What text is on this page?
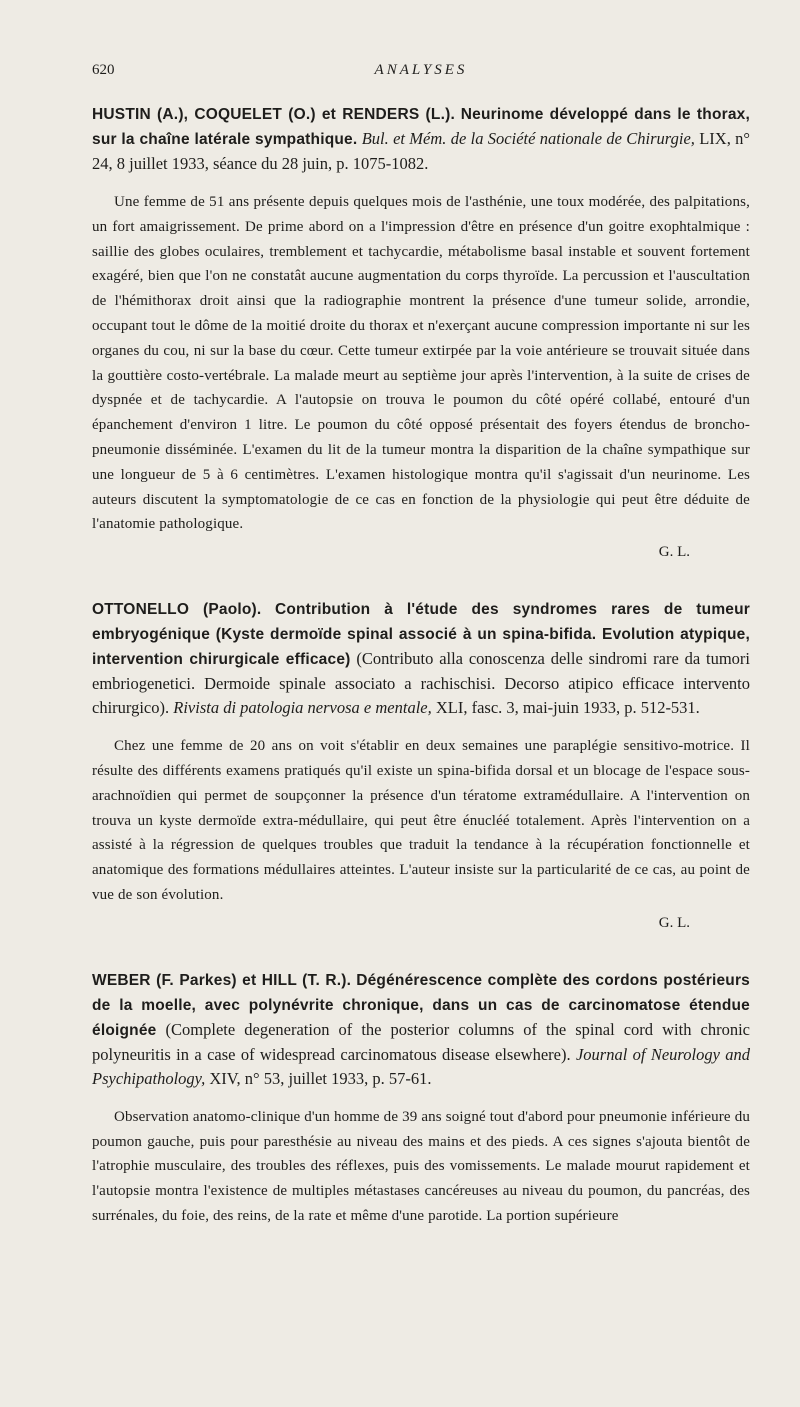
620	ANALYSES

HUSTIN (A.), COQUELET (O.) et RENDERS (L.). Neurinome développé dans le thorax, sur la chaîne latérale sympathique. Bul. et Mém. de la Société nationale de Chirurgie, LIX, n° 24, 8 juillet 1933, séance du 28 juin, p. 1075-1082.

Une femme de 51 ans présente depuis quelques mois de l'asthénie, une toux modérée, des palpitations, un fort amaigrissement. De prime abord on a l'impression d'être en présence d'un goitre exophtalmique : saillie des globes oculaires, tremblement et tachycardie, métabolisme basal instable et souvent fortement exagéré, bien que l'on ne constatât aucune augmentation du corps thyroïde. La percussion et l'auscultation de l'hémithorax droit ainsi que la radiographie montrent la présence d'une tumeur solide, arrondie, occupant tout le dôme de la moitié droite du thorax et n'exerçant aucune compression importante ni sur les organes du cou, ni sur la base du cœur. Cette tumeur extirpée par la voie antérieure se trouvait située dans la gouttière costo-vertébrale. La malade meurt au septième jour après l'intervention, à la suite de crises de dyspnée et de tachycardie. A l'autopsie on trouva le poumon du côté opéré collabé, entouré d'un épanchement d'environ 1 litre. Le poumon du côté opposé présentait des foyers étendus de broncho-pneumonie disséminée. L'examen du lit de la tumeur montra la disparition de la chaîne sympathique sur une longueur de 5 à 6 centimètres. L'examen histologique montra qu'il s'agissait d'un neurinome. Les auteurs discutent la symptomatologie de ce cas en fonction de la physiologie qui peut être déduite de l'anatomie pathologique.

G. L.

OTTONELLO (Paolo). Contribution à l'étude des syndromes rares de tumeur embryogénique (Kyste dermoïde spinal associé à un spina-bifida. Evolution atypique, intervention chirurgicale efficace) (Contributo alla conoscenza delle sindromi rare da tumori embriogenetici. Dermoide spinale associato a rachischisi. Decorso atipico efficace intervento chirurgico). Rivista di patologia nervosa e mentale, XLI, fasc. 3, mai-juin 1933, p. 512-531.

Chez une femme de 20 ans on voit s'établir en deux semaines une paraplégie sensitivo-motrice. Il résulte des différents examens pratiqués qu'il existe un spina-bifida dorsal et un blocage de l'espace sous-arachnoïdien qui permet de soupçonner la présence d'un tératome extramédullaire. A l'intervention on trouva un kyste dermoïde extra-médullaire, qui peut être énucléé totalement. Après l'intervention on a assisté à la régression de quelques troubles que traduit la tendance à la récupération fonctionnelle et anatomique des formations médullaires atteintes. L'auteur insiste sur la particularité de ce cas, au point de vue de son évolution.

G. L.

WEBER (F. Parkes) et HILL (T. R.). Dégénérescence complète des cordons postérieurs de la moelle, avec polynévrite chronique, dans un cas de carcinomatose étendue éloignée (Complete degeneration of the posterior columns of the spinal cord with chronic polyneuritis in a case of widespread carcinomatous disease elsewhere). Journal of Neurology and Psychipathology, XIV, n° 53, juillet 1933, p. 57-61.

Observation anatomo-clinique d'un homme de 39 ans soigné tout d'abord pour pneumonie inférieure du poumon gauche, puis pour paresthésie au niveau des mains et des pieds. A ces signes s'ajouta bientôt de l'atrophie musculaire, des troubles des réflexes, puis des vomissements. Le malade mourut rapidement et l'autopsie montra l'existence de multiples métastases cancéreuses au niveau du poumon, du pancréas, des surrénales, du foie, des reins, de la rate et même d'une parotide. La portion supérieure
